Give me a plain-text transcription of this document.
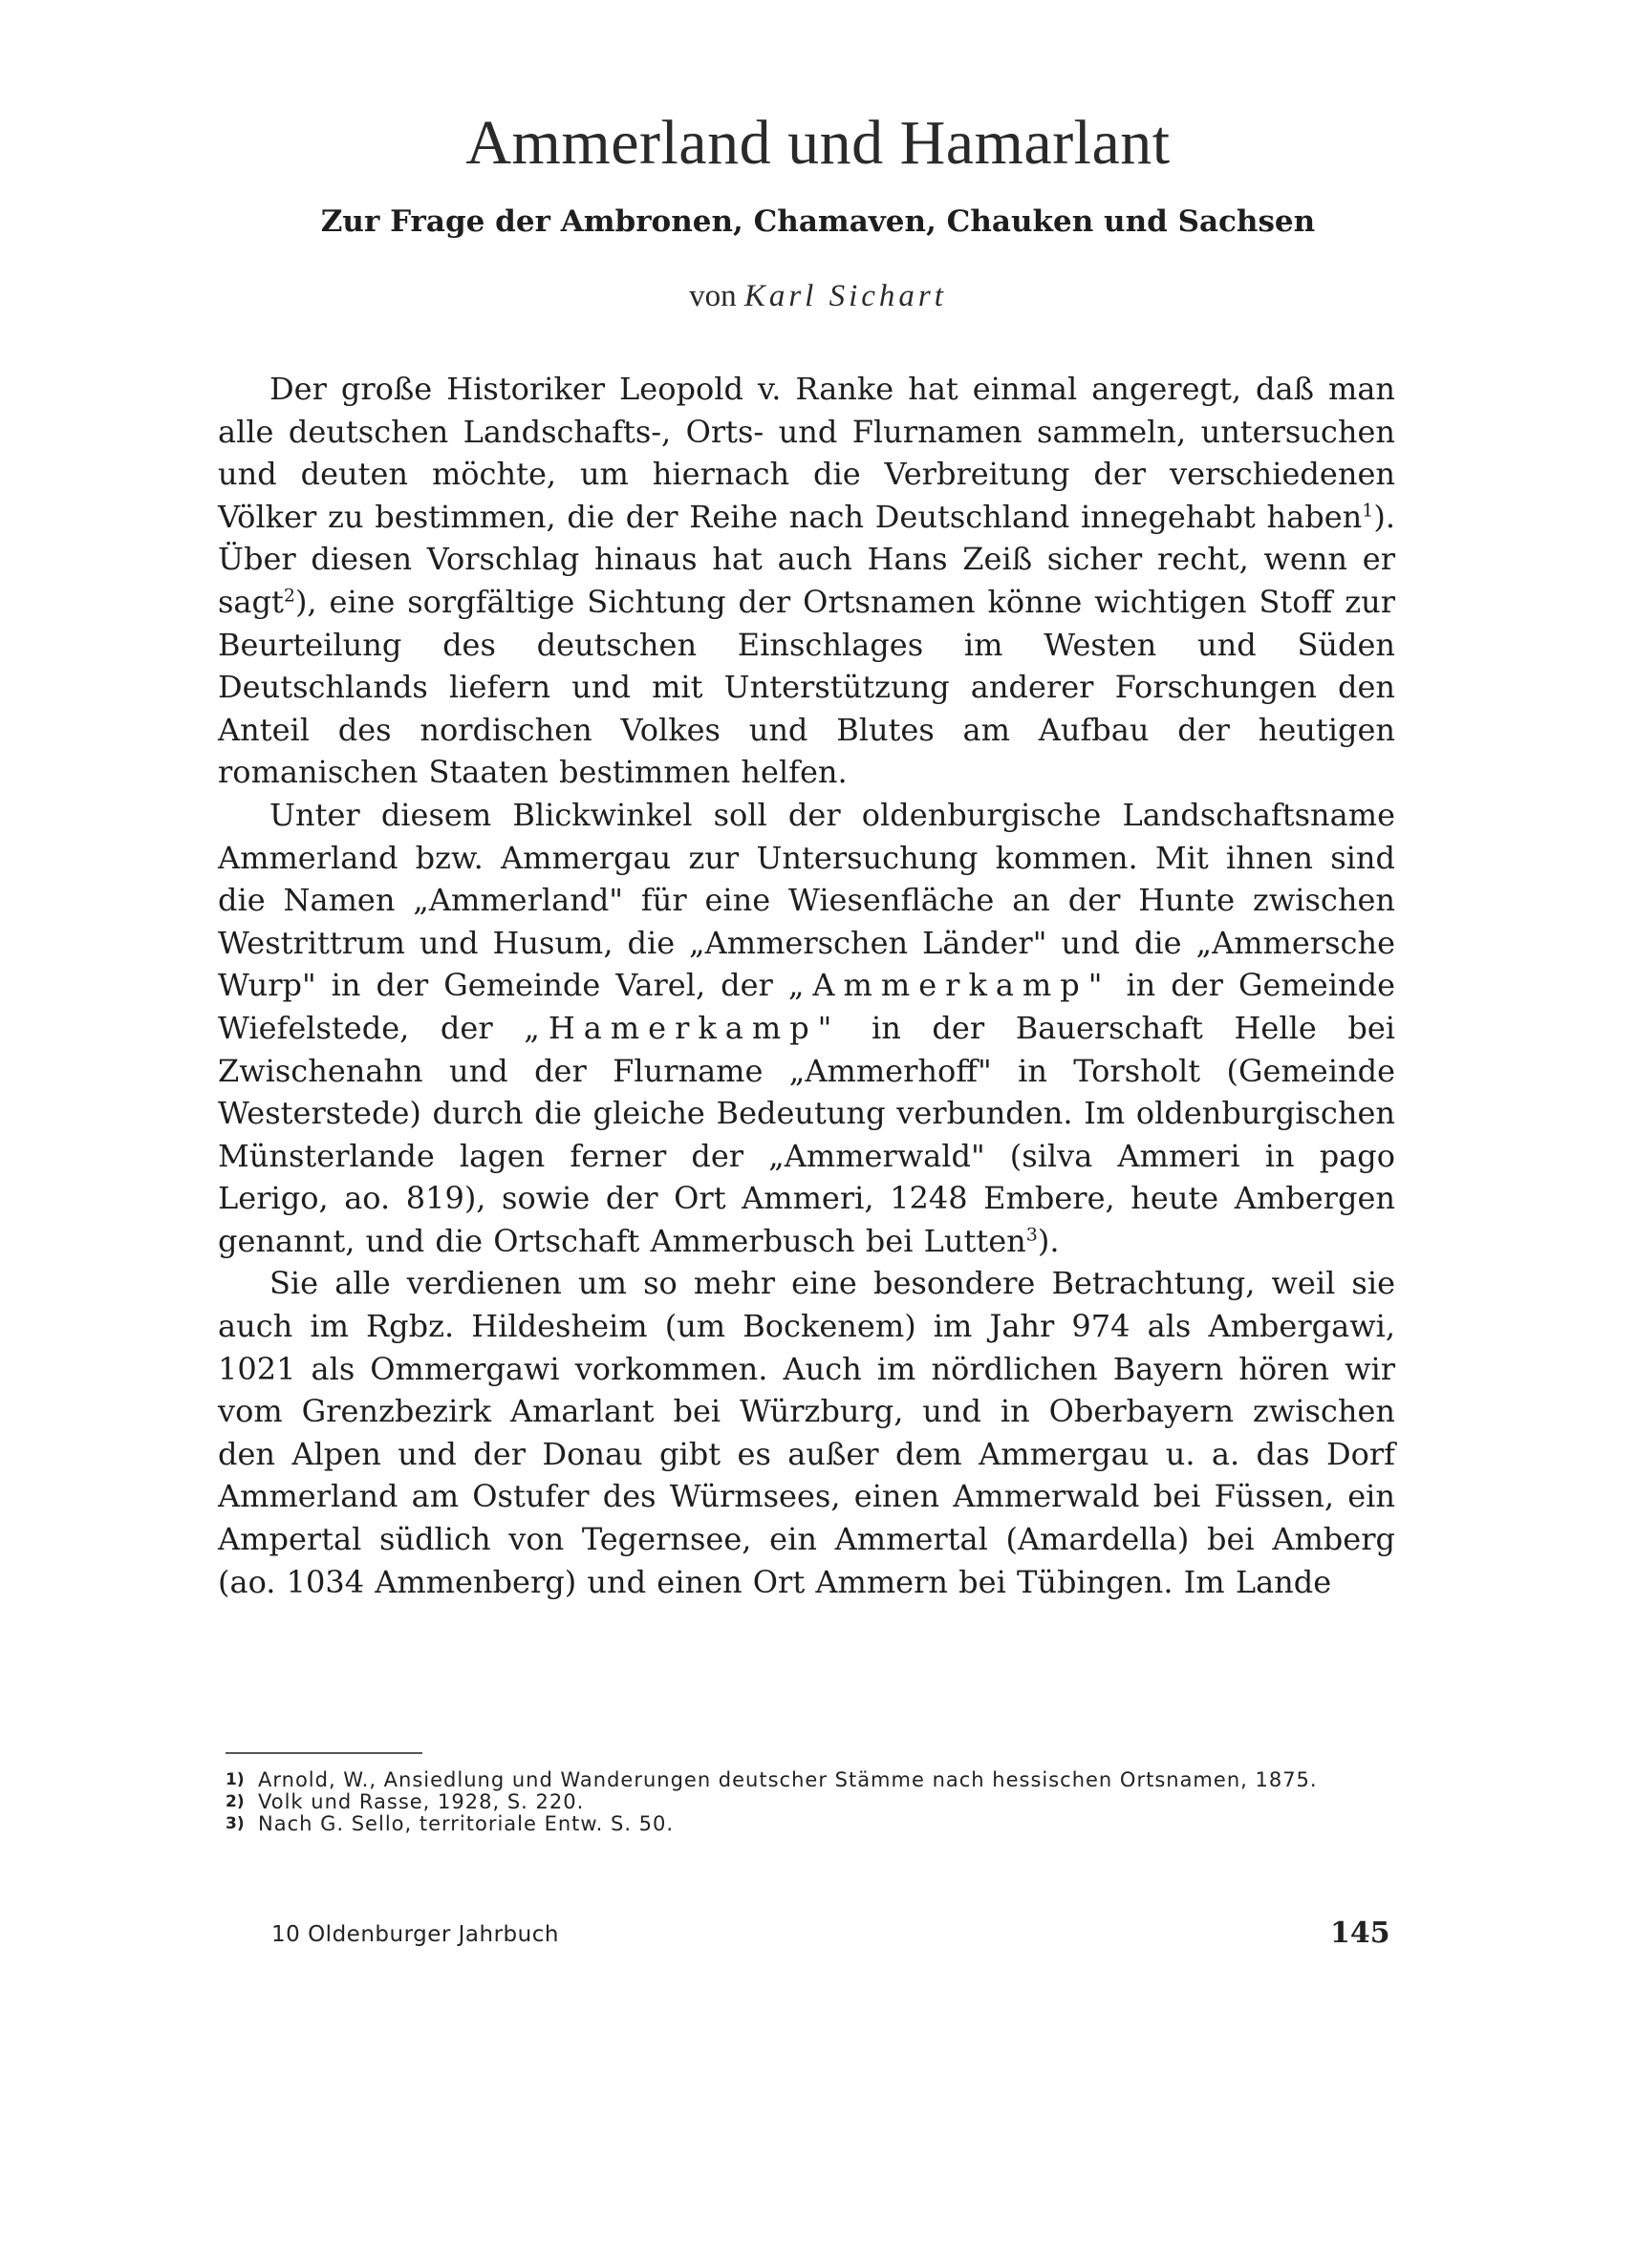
Ammerland und Hamarlant
Zur Frage der Ambronen, Chamaven, Chauken und Sachsen

von Karl Sichart

Der große Historiker Leopold v. Ranke hat einmal angeregt, daß man alle deutschen Landschafts-, Orts- und Flurnamen sammeln, untersuchen und deuten möchte, um hiernach die Verbreitung der verschiedenen Völker zu bestimmen, die der Reihe nach Deutschland innegehabt haben$^1$). Über diesen Vorschlag hinaus hat auch Hans Zeiß sicher recht, wenn er sagt$^2$), eine sorgfältige Sichtung der Ortsnamen könne wichtigen Stoff zur Beurteilung des deutschen Einschlages im Westen und Süden Deutschlands liefern und mit Unterstützung anderer Forschungen den Anteil des nordischen Volkes und Blutes am Aufbau der heutigen romanischen Staaten bestimmen helfen.

Unter diesem Blickwinkel soll der oldenburgische Landschaftsname Ammerland bzw. Ammergau zur Untersuchung kommen. Mit ihnen sind die Namen „Ammerland" für eine Wiesenfläche an der Hunte zwischen Westrittrum und Husum, die „Ammerschen Länder" und die „Ammersche Wurp" in der Gemeinde Varel, der „Ammerkamp" in der Gemeinde Wiefelstede, der „Hamerkamp" in der Bauerschaft Helle bei Zwischenahn und der Flurname „Ammerhoff" in Torsholt (Gemeinde Westerstede) durch die gleiche Bedeutung verbunden. Im oldenburgischen Münsterlande lagen ferner der „Ammerwald" (silva Ammeri in pago Lerigo, ao. 819), sowie der Ort Ammeri, 1248 Embere, heute Ambergen genannt, und die Ortschaft Ammerbusch bei Lutten$^3$).

Sie alle verdienen um so mehr eine besondere Betrachtung, weil sie auch im Rgbz. Hildesheim (um Bockenem) im Jahr 974 als Ambergawi, 1021 als Ommergawi vorkommen. Auch im nördlichen Bayern hören wir vom Grenzbezirk Amarlant bei Würzburg, und in Oberbayern zwischen den Alpen und der Donau gibt es außer dem Ammergau u. a. das Dorf Ammerland am Ostufer des Würmsees, einen Ammerwald bei Füssen, ein Ampertal südlich von Tegernsee, ein Ammertal (Amardella) bei Amberg (ao. 1034 Ammenberg) und einen Ort Ammern bei Tübingen. Im Lande

1) Arnold, W., Ansiedlung und Wanderungen deutscher Stämme nach hessischen Ortsnamen, 1875.
2) Volk und Rasse, 1928, S. 220.
3) Nach G. Sello, territoriale Entw. S. 50.
10 Oldenburger Jahrbuch	145
